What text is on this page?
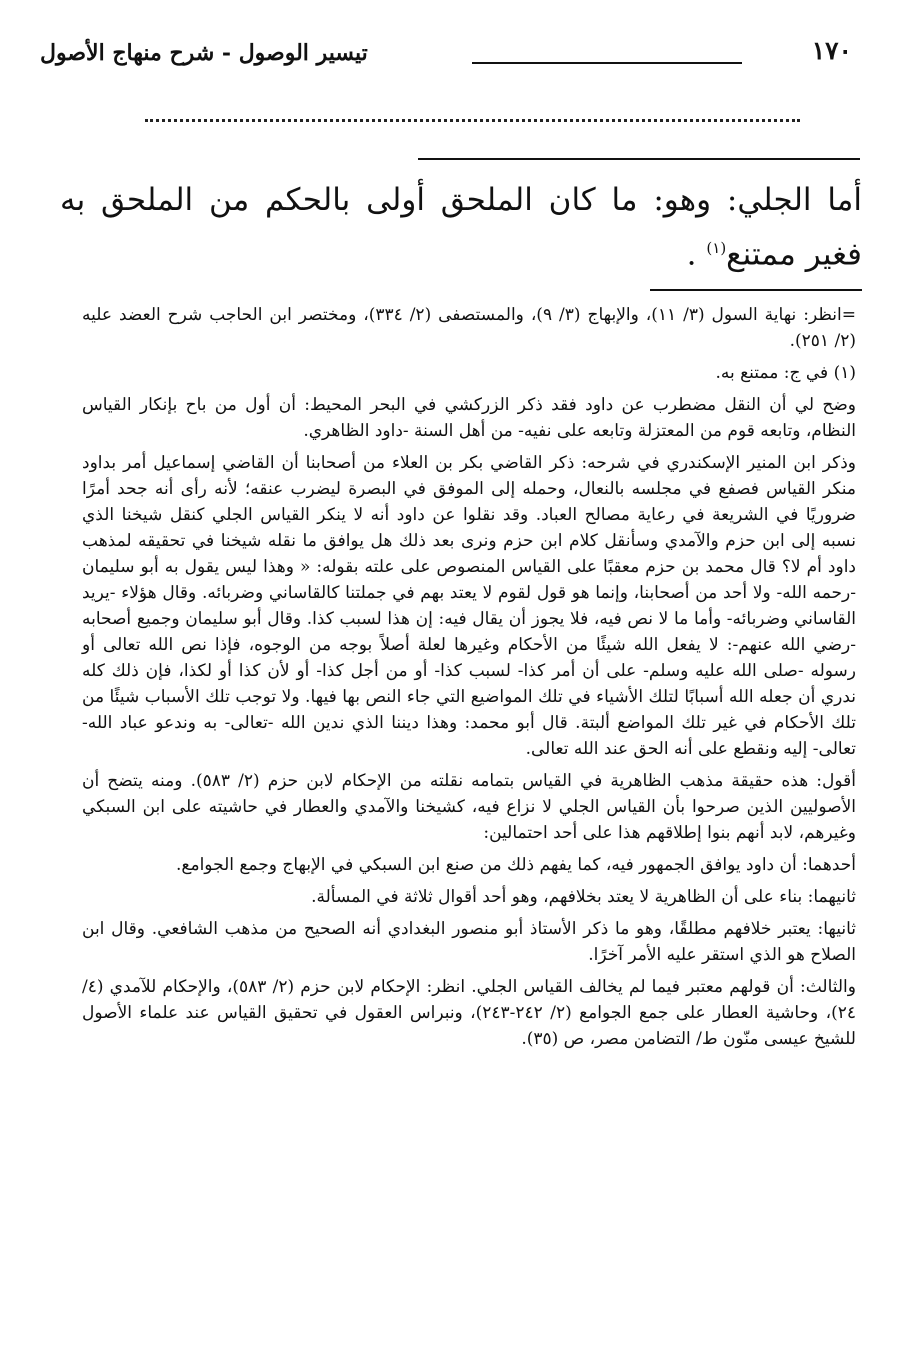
١٧٠
تيسير الوصول - شرح منهاج الأصول

أما الجلي: وهو: ما كان الملحق أولى بالحكم من الملحق به فغير ممتنع$^{(١)}$ .

=انظر: نهاية السول (٣/ ١١)، والإبهاج (٣/ ٩)، والمستصفى (٢/ ٣٣٤)، ومختصر ابن الحاجب شرح العضد عليه (٢/ ٢٥١).

(١) في ج: ممتنع به.

وضح لي أن النقل مضطرب عن داود فقد ذكر الزركشي في البحر المحيط: أن أول من باح بإنكار القياس النظام، وتابعه قوم من المعتزلة وتابعه على نفيه- من أهل السنة -داود الظاهري.

وذكر ابن المنير الإسكندري في شرحه: ذكر القاضي بكر بن العلاء من أصحابنا أن القاضي إسماعيل أمر بداود منكر القياس فصفع في مجلسه بالنعال، وحمله إلى الموفق في البصرة ليضرب عنقه؛ لأنه رأى أنه جحد أمرًا ضروريًا في الشريعة في رعاية مصالح العباد. وقد نقلوا عن داود أنه لا ينكر القياس الجلي كنقل شيخنا الذي نسبه إلى ابن حزم والآمدي وسأنقل كلام ابن حزم ونرى بعد ذلك هل يوافق ما نقله شيخنا في تحقيقه لمذهب داود أم لا؟ قال محمد بن حزم معقبًا على القياس المنصوص على علته بقوله: « وهذا ليس يقول به أبو سليمان -رحمه الله- ولا أحد من أصحابنا، وإنما هو قول لقوم لا يعتد بهم في جملتنا كالقاساني وضربائه. وقال هؤلاء -يريد القاساني وضربائه- وأما ما لا نص فيه، فلا يجوز أن يقال فيه: إن هذا لسبب كذا. وقال أبو سليمان وجميع أصحابه -رضي الله عنهم-: لا يفعل الله شيئًا من الأحكام وغيرها لعلة أصلاً بوجه من الوجوه، فإذا نص الله تعالى أو رسوله -صلى الله عليه وسلم- على أن أمر كذا- لسبب كذا- أو من أجل كذا- أو لأن كذا أو لكذا، فإن ذلك كله ندري أن جعله الله أسبابًا لتلك الأشياء في تلك المواضيع التي جاء النص بها فيها. ولا توجب تلك الأسباب شيئًا من تلك الأحكام في غير تلك المواضع ألبتة. قال أبو محمد: وهذا ديننا الذي ندين الله -تعالى- به وندعو عباد الله- تعالى- إليه ونقطع على أنه الحق عند الله تعالى.

أقول: هذه حقيقة مذهب الظاهرية في القياس بتمامه نقلته من الإحكام لابن حزم (٢/ ٥٨٣). ومنه يتضح أن الأصوليين الذين صرحوا بأن القياس الجلي لا نزاع فيه، كشيخنا والآمدي والعطار في حاشيته على ابن السبكي وغيرهم، لابد أنهم بنوا إطلاقهم هذا على أحد احتمالين:

أحدهما: أن داود يوافق الجمهور فيه، كما يفهم ذلك من صنع ابن السبكي في الإبهاج وجمع الجوامع.

ثانيهما: بناء على أن الظاهرية لا يعتد بخلافهم، وهو أحد أقوال ثلاثة في المسألة.

ثانيها: يعتبر خلافهم مطلقًا، وهو ما ذكر الأستاذ أبو منصور البغدادي أنه الصحيح من مذهب الشافعي. وقال ابن الصلاح هو الذي استقر عليه الأمر آخرًا.

والثالث: أن قولهم معتبر فيما لم يخالف القياس الجلي. انظر: الإحكام لابن حزم (٢/ ٥٨٣)، والإحكام للآمدي (٤/ ٢٤)، وحاشية العطار على جمع الجوامع (٢/ ٢٤٢-٢٤٣)، ونبراس العقول في تحقيق القياس عند علماء الأصول للشيخ عيسى منّون ط/ التضامن مصر، ص (٣٥).
